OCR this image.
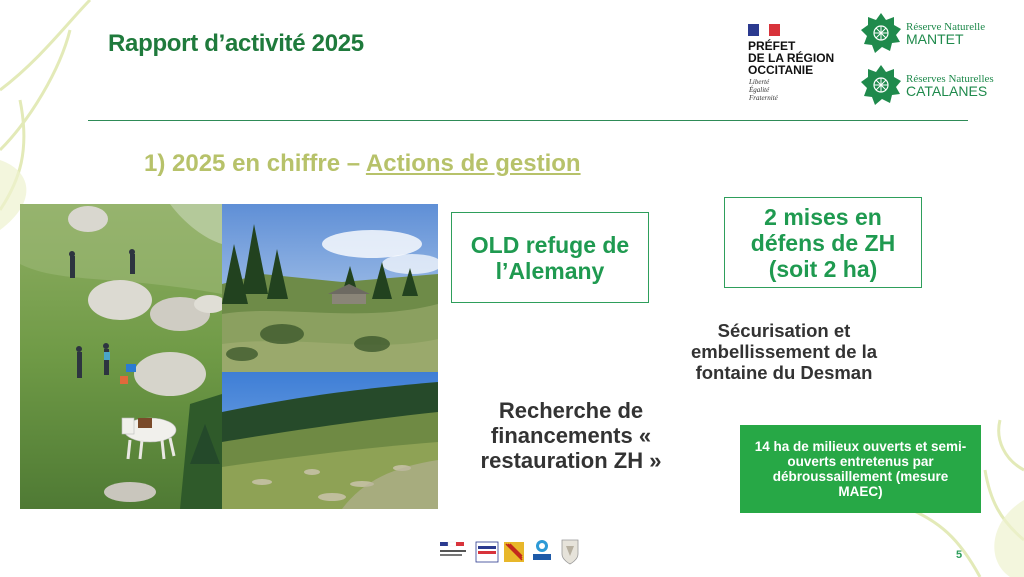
Rapport d’activité 2025	PRÉFET
DE LA RÉGION
OCCITANIE
Liberté
Égalité
Fraternité
Réserve Naturelle
MANTET
Réserves Naturelles
CATALANES
1) 2025 en chiffre – Actions de gestion
OLD refuge de l’Alemany
2 mises en défens de ZH (soit 2 ha)
Sécurisation et embellissement de la fontaine du Desman
Recherche de financements « restauration ZH »
14 ha de milieux ouverts et semi-ouverts entretenus par débroussaillement (mesure MAEC)
5
